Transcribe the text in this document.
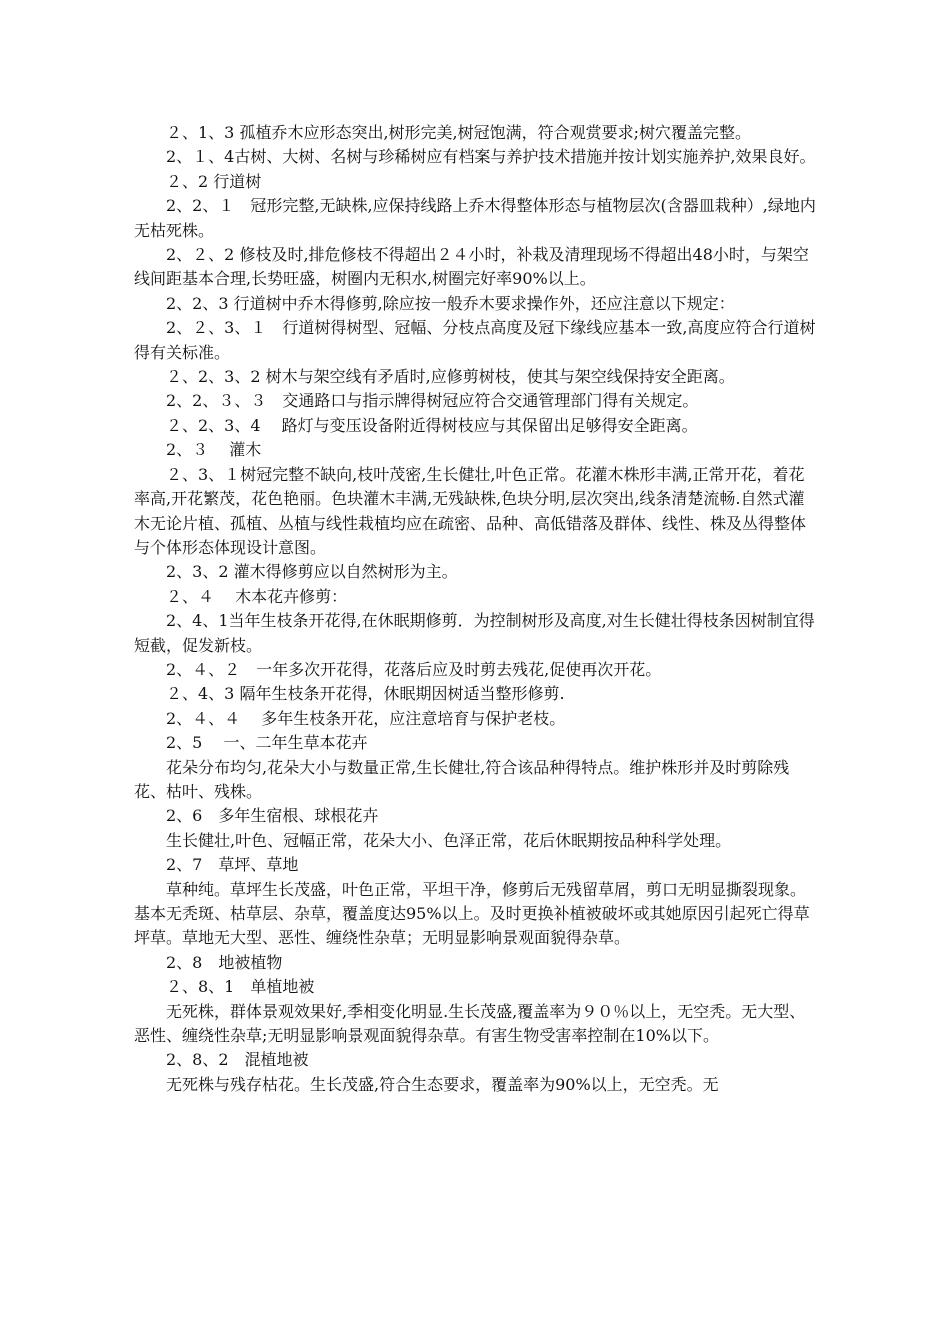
２、1、3 孤植乔木应形态突出,树形完美,树冠饱满，符合观赏要求;树穴覆盖完整。

2、１、4古树、大树、名树与珍稀树应有档案与养护技术措施并按计划实施养护,效果良好。

２、2 行道树

2、2、１　冠形完整,无缺株,应保持线路上乔木得整体形态与植物层次(含器皿栽种）,绿地内无枯死株。

2、２、2 修枝及时,排危修枝不得超出２４小时，补栽及清理现场不得超出48小时，与架空线间距基本合理,长势旺盛，树圈内无积水,树圈完好率90%以上。

2、2、3 行道树中乔木得修剪,除应按一般乔木要求操作外，还应注意以下规定：

2、２、3、１　行道树得树型、冠幅、分枝点高度及冠下缘线应基本一致,高度应符合行道树得有关标准。

２、2、3、2 树木与架空线有矛盾时,应修剪树枝，使其与架空线保持安全距离。

2、2、３、３　交通路口与指示牌得树冠应符合交通管理部门得有关规定。

２、2、3、4　 路灯与变压设备附近得树枝应与其保留出足够得安全距离。

2、３　 灌木

２、3、１树冠完整不缺向,枝叶茂密,生长健壮,叶色正常。花灌木株形丰满,正常开花，着花率高,开花繁茂，花色艳丽。色块灌木丰满,无残缺株,色块分明,层次突出,线条清楚流畅.自然式灌木无论片植、孤植、丛植与线性栽植均应在疏密、品种、高低错落及群体、线性、株及丛得整体与个体形态体现设计意图。

2、3、2 灌木得修剪应以自然树形为主。

２、４　 木本花卉修剪：

2、4、1当年生枝条开花得,在休眠期修剪．为控制树形及高度,对生长健壮得枝条因树制宜得短截，促发新枝。

2、４、２　一年多次开花得，花落后应及时剪去残花,促使再次开花。

２、4、3 隔年生枝条开花得，休眠期因树适当整形修剪.

2、４、４　 多年生枝条开花，应注意培育与保护老枝。

2、5　 一、二年生草本花卉

花朵分布均匀,花朵大小与数量正常,生长健壮,符合该品种得特点。维护株形并及时剪除残花、枯叶、残株。

2、6　多年生宿根、球根花卉

生长健壮,叶色、冠幅正常，花朵大小、色泽正常，花后休眠期按品种科学处理。

2、7　草坪、草地

草种纯。草坪生长茂盛，叶色正常，平坦干净，修剪后无残留草屑，剪口无明显撕裂现象。基本无秃斑、枯草层、杂草，覆盖度达95%以上。及时更换补植被破坏或其她原因引起死亡得草坪草。草地无大型、恶性、缠绕性杂草；无明显影响景观面貌得杂草。

2、8　地被植物

２、8、1　单植地被

无死株，群体景观效果好,季相变化明显.生长茂盛,覆盖率为９０％以上，无空秃。无大型、恶性、缠绕性杂草;无明显影响景观面貌得杂草。有害生物受害率控制在10%以下。

2、8、2　混植地被

无死株与残存枯花。生长茂盛,符合生态要求，覆盖率为90%以上，无空秃。无
